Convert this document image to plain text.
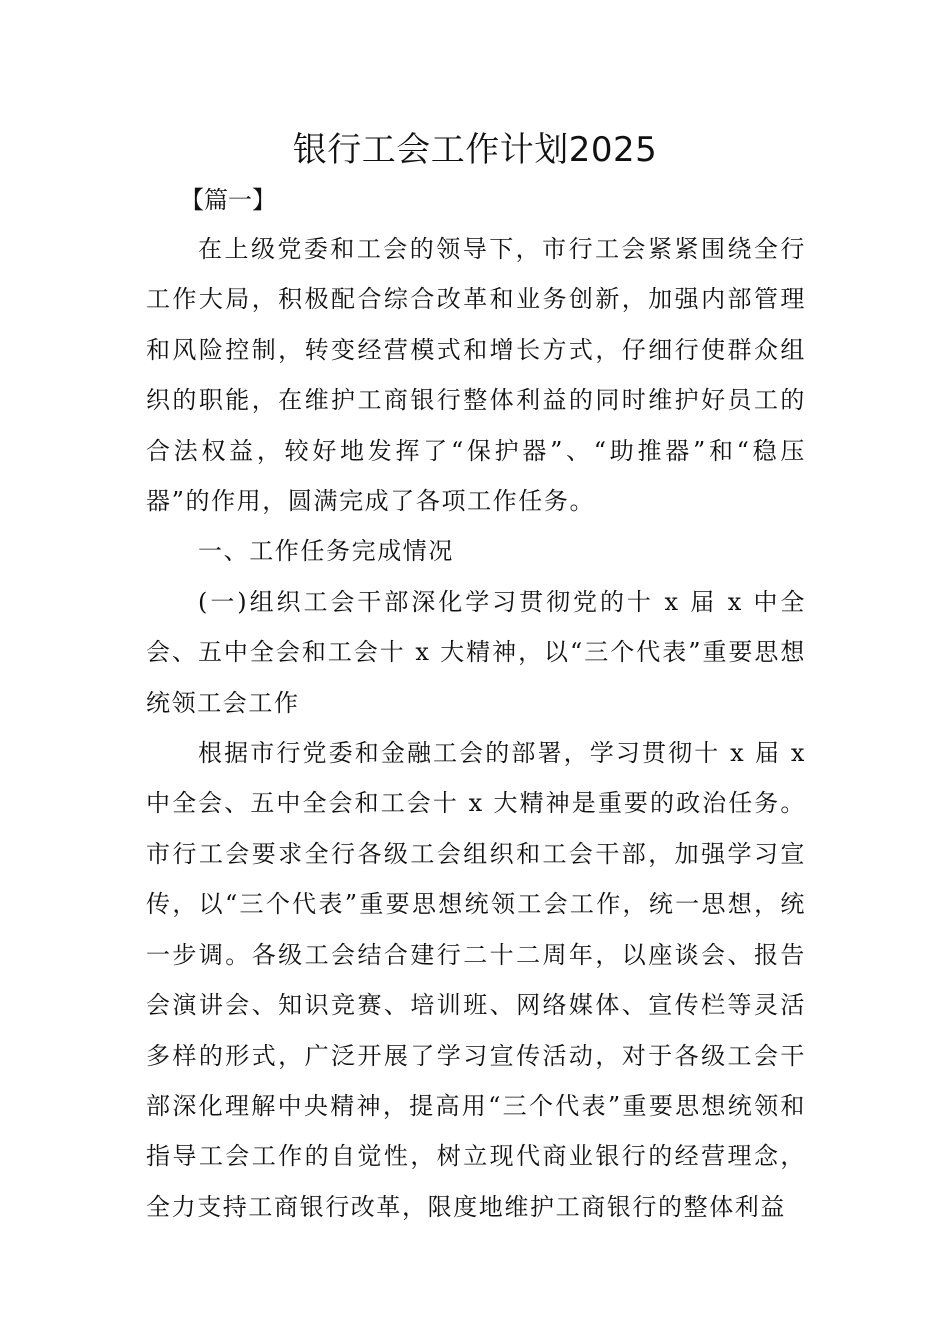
银行工会工作计划2025

【篇一】

在上级党委和工会的领导下，市行工会紧紧围绕全行工作大局，积极配合综合改革和业务创新，加强内部管理和风险控制，转变经营模式和增长方式，仔细行使群众组织的职能，在维护工商银行整体利益的同时维护好员工的合法权益，较好地发挥了“保护器”、“助推器”和“稳压器”的作用，圆满完成了各项工作任务。

一、工作任务完成情况

(一)组织工会干部深化学习贯彻党的十 x 届 x 中全会、五中全会和工会十 x 大精神，以“三个代表”重要思想统领工会工作

根据市行党委和金融工会的部署，学习贯彻十 x 届 x 中全会、五中全会和工会十 x 大精神是重要的政治任务。市行工会要求全行各级工会组织和工会干部，加强学习宣传，以“三个代表”重要思想统领工会工作，统一思想，统一步调。各级工会结合建行二十二周年，以座谈会、报告会演讲会、知识竞赛、培训班、网络媒体、宣传栏等灵活多样的形式，广泛开展了学习宣传活动，对于各级工会干部深化理解中央精神，提高用“三个代表”重要思想统领和指导工会工作的自觉性，树立现代商业银行的经营理念，全力支持工商银行改革，限度地维护工商银行的整体利益
